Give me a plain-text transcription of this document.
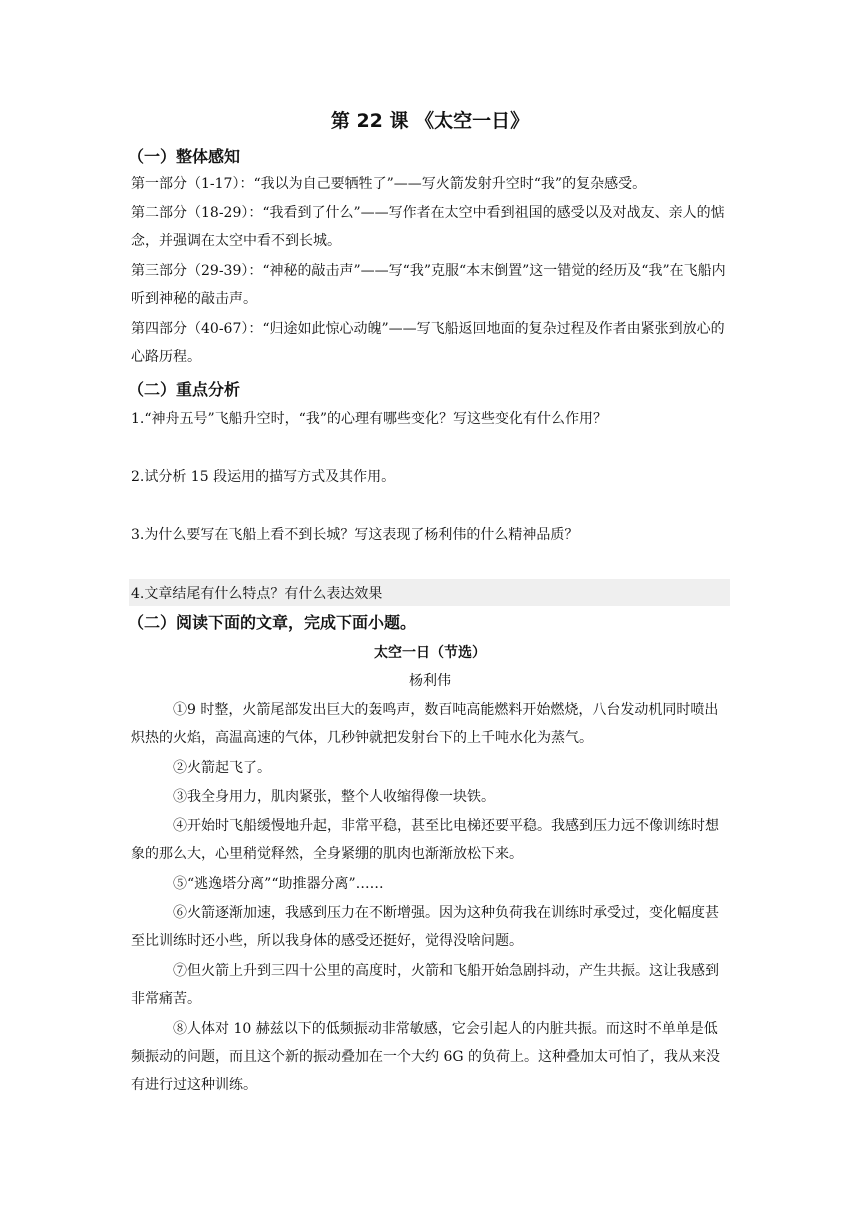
第 22 课 《太空一日》
（一）整体感知
第一部分（1-17）：“我以为自己要牺牲了”——写火箭发射升空时“我”的复杂感受。
第二部分（18-29）：“我看到了什么”——写作者在太空中看到祖国的感受以及对战友、亲人的惦念，并强调在太空中看不到长城。
第三部分（29-39）：“神秘的敲击声”——写“我”克服“本末倒置”这一错觉的经历及“我”在飞船内听到神秘的敲击声。
第四部分（40-67）：“归途如此惊心动魄”——写飞船返回地面的复杂过程及作者由紧张到放心的心路历程。
（二）重点分析
1.“神舟五号”飞船升空时，“我”的心理有哪些变化？写这些变化有什么作用？
2.试分析 15 段运用的描写方式及其作用。
3.为什么要写在飞船上看不到长城？写这表现了杨利伟的什么精神品质？
4.文章结尾有什么特点？有什么表达效果
（二）阅读下面的文章，完成下面小题。
太空一日（节选）
杨利伟
①9 时整，火箭尾部发出巨大的轰鸣声，数百吨高能燃料开始燃烧，八台发动机同时喷出炽热的火焰，高温高速的气体，几秒钟就把发射台下的上千吨水化为蒸气。
②火箭起飞了。
③我全身用力，肌肉紧张，整个人收缩得像一块铁。
④开始时飞船缓慢地升起，非常平稳，甚至比电梯还要平稳。我感到压力远不像训练时想象的那么大，心里稍觉释然，全身紧绷的肌肉也渐渐放松下来。
⑤“逃逸塔分离”“助推器分离”……
⑥火箭逐渐加速，我感到压力在不断增强。因为这种负荷我在训练时承受过，变化幅度甚至比训练时还小些，所以我身体的感受还挺好，觉得没啥问题。
⑦但火箭上升到三四十公里的高度时，火箭和飞船开始急剧抖动，产生共振。这让我感到非常痛苦。
⑧人体对 10 赫兹以下的低频振动非常敏感，它会引起人的内脏共振。而这时不单单是低频振动的问题，而且这个新的振动叠加在一个大约 6G 的负荷上。这种叠加太可怕了，我从来没有进行过这种训练。
